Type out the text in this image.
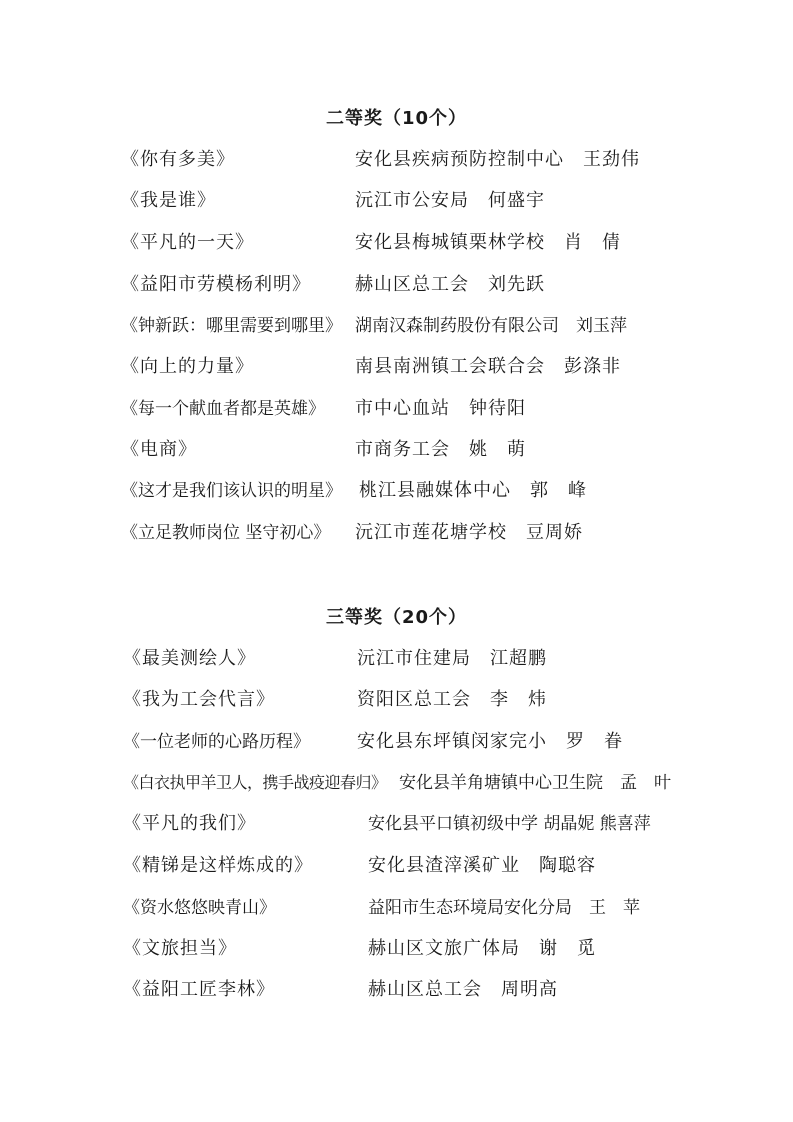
二等奖（10个）
《你有多美》	安化县疾病预防控制中心　王劲伟
《我是谁》	沅江市公安局　何盛宇
《平凡的一天》	安化县梅城镇栗林学校　肖　倩
《益阳市劳模杨利明》 赫山区总工会　刘先跃
《钟新跃：哪里需要到哪里》 湖南汉森制药股份有限公司　刘玉萍
《向上的力量》	南县南洲镇工会联合会　彭涤非
《每一个献血者都是英雄》 市中心血站　钟待阳
《电商》	市商务工会　姚　萌
《这才是我们该认识的明星》 桃江县融媒体中心　郭　峰
《立足教师岗位 坚守初心》 沅江市莲花塘学校　豆周娇
三等奖（20个）
《最美测绘人》	沅江市住建局　江超鹏
《我为工会代言》	资阳区总工会　李　炜
《一位老师的心路历程》	安化县东坪镇闵家完小　罗　眷
《白衣执甲羊卫人，携手战疫迎春归》 安化县羊角塘镇中心卫生院　孟　叶
《平凡的我们》	安化县平口镇初级中学 胡晶妮 熊喜萍
《精锑是这样炼成的》	安化县渣滓溪矿业　陶聪容
《资水悠悠映青山》	益阳市生态环境局安化分局　王　苹
《文旅担当》	赫山区文旅广体局　谢　觅
《益阳工匠李林》	赫山区总工会　周明高
